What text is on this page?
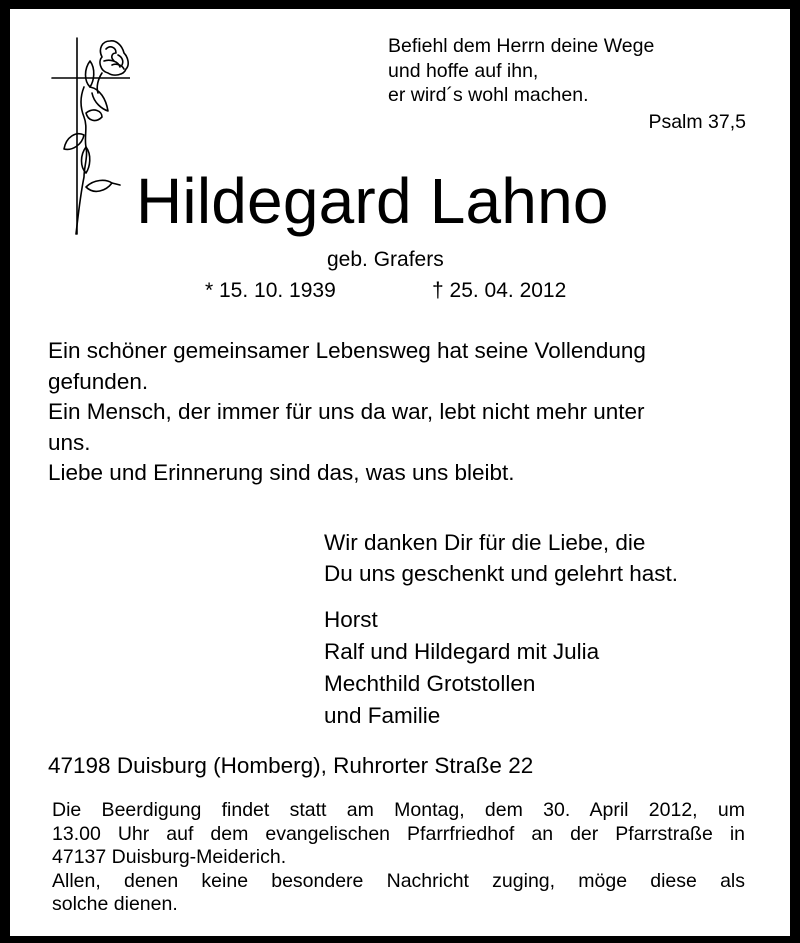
Befiehl dem Herrn deine Wege
und hoffe auf ihn,
er wird´s wohl machen.
Psalm 37,5
Hildegard Lahno
geb. Grafers
* 15. 10. 1939	† 25. 04. 2012
Ein schöner gemeinsamer Lebensweg hat seine Vollendung
gefunden.
Ein Mensch, der immer für uns da war, lebt nicht mehr unter
uns.
Liebe und Erinnerung sind das, was uns bleibt.
Wir danken Dir für die Liebe, die
Du uns geschenkt und gelehrt hast.
Horst
Ralf und Hildegard mit Julia
Mechthild Grotstollen
und Familie
47198 Duisburg (Homberg), Ruhrorter Straße 22
Die Beerdigung findet statt am Montag, dem 30. April 2012, um
13.00 Uhr auf dem evangelischen Pfarrfriedhof an der Pfarrstraße in
47137 Duisburg-Meiderich.
Allen, denen keine besondere Nachricht zuging, möge diese als
solche dienen.
